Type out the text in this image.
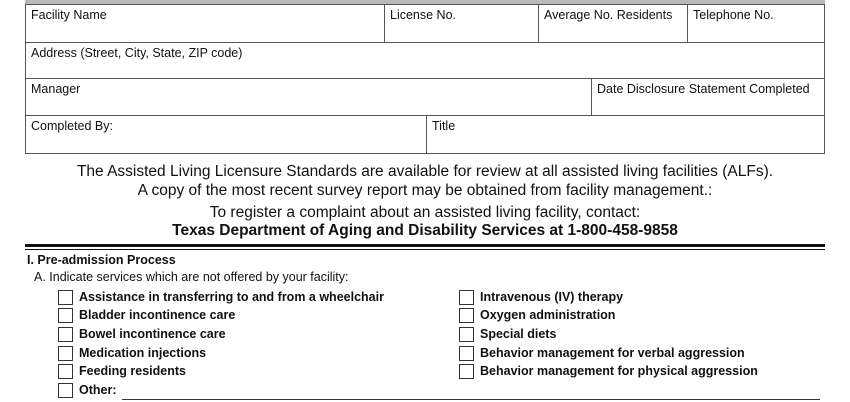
Facility Name	License No.	Average No. Residents	Telephone No.
Address (Street, City, State, ZIP code)
Manager	Date Disclosure Statement Completed
Completed By:	Title
The Assisted Living Licensure Standards are available for review at all assisted living facilities (ALFs).
A copy of the most recent survey report may be obtained from facility management.:
To register a complaint about an assisted living facility, contact:
Texas Department of Aging and Disability Services at 1-800-458-9858
I. Pre-admission Process
A. Indicate services which are not offered by your facility:
Assistance in transferring to and from a wheelchair
Bladder incontinence care
Bowel incontinence care
Medication injections
Feeding residents
Other:
Intravenous (IV) therapy
Oxygen administration
Special diets
Behavior management for verbal aggression
Behavior management for physical aggression
